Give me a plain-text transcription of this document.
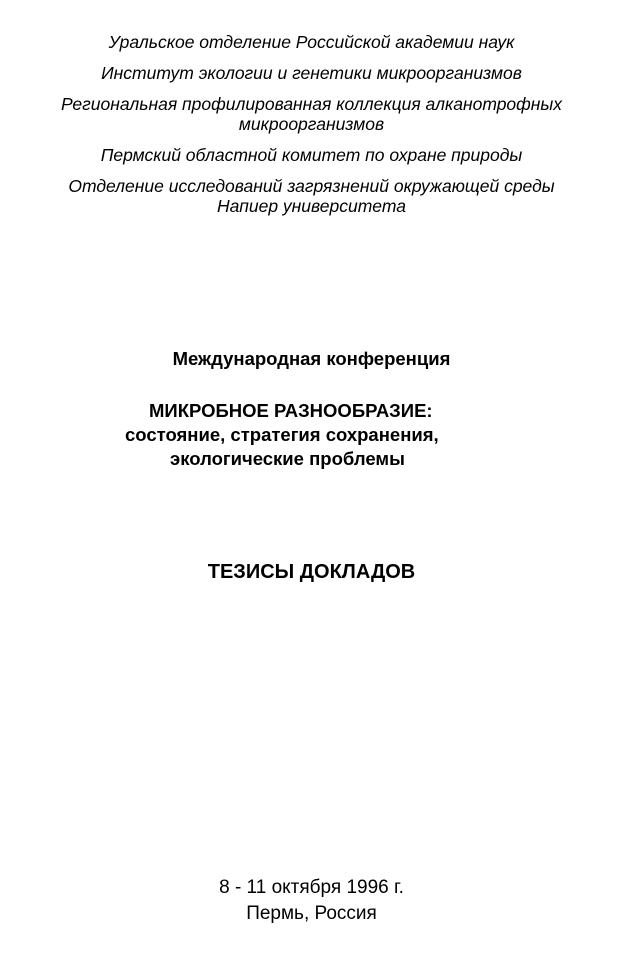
Уральское отделение Российской академии наук
Институт экологии и генетики микроорганизмов
Региональная профилированная коллекция алканотрофных
микроорганизмов
Пермский областной комитет по охране природы
Отделение исследований загрязнений окружающей среды
Напиер университета
Международная конференция
МИКРОБНОЕ РАЗНООБРАЗИЕ:
состояние, стратегия сохранения,
экологические проблемы
ТЕЗИСЫ ДОКЛАДОВ
8 - 11 октября 1996 г.
Пермь, Россия
